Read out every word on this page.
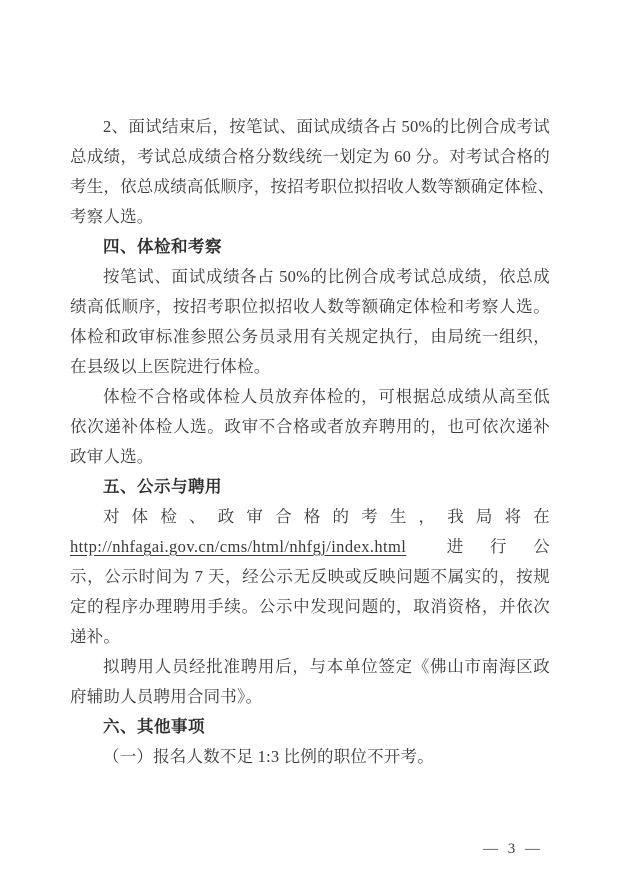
2、面试结束后，按笔试、面试成绩各占 50%的比例合成考试
总成绩，考试总成绩合格分数线统一划定为 60 分。对考试合格的
考生，依总成绩高低顺序，按招考职位拟招收人数等额确定体检、
考察人选。
四、体检和考察
按笔试、面试成绩各占 50%的比例合成考试总成绩，依总成
绩高低顺序，按招考职位拟招收人数等额确定体检和考察人选。
体检和政审标准参照公务员录用有关规定执行，由局统一组织，
在县级以上医院进行体检。
体检不合格或体检人员放弃体检的，可根据总成绩从高至低
依次递补体检人选。政审不合格或者放弃聘用的，也可依次递补
政审人选。
五、公示与聘用
对体检、政审合格的考生，我局将在
http://nhfagai.gov.cn/cms/html/nhfgj/index.html 进行公
示，公示时间为 7 天，经公示无反映或反映问题不属实的，按规
定的程序办理聘用手续。公示中发现问题的，取消资格，并依次
递补。
拟聘用人员经批准聘用后，与本单位签定《佛山市南海区政
府辅助人员聘用合同书》。
六、其他事项
（一）报名人数不足 1:3 比例的职位不开考。
— 3 —
